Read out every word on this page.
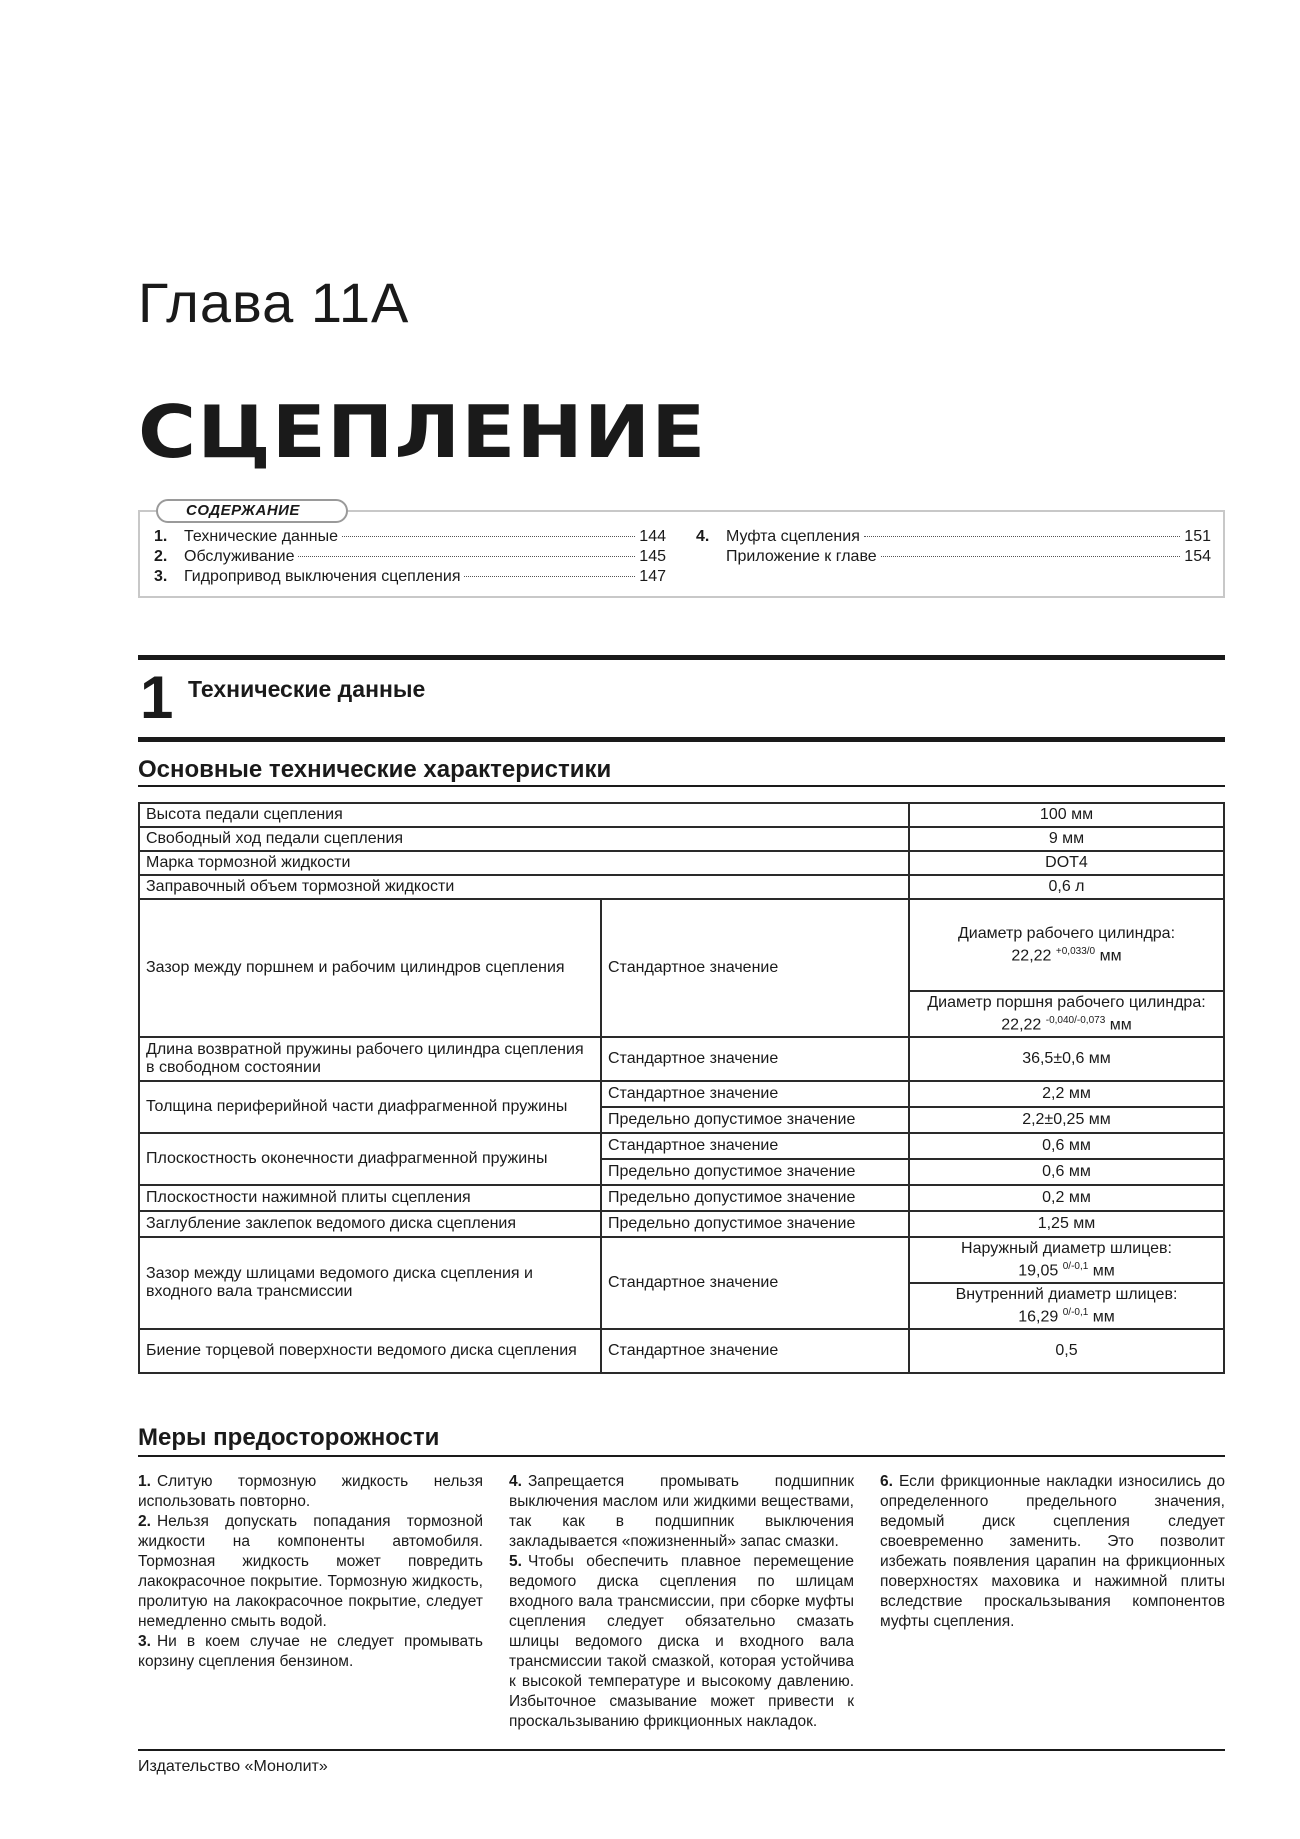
Глава 11А
СЦЕПЛЕНИЕ
СОДЕРЖАНИЕ
1.	Технические данные	144
2.	Обслуживание	145
3.	Гидропривод выключения сцепления	147
4.	Муфта сцепления	151
Приложение к главе	154
1 Технические данные
Основные технические характеристики
Высота педали сцепления		100 мм
Свободный ход педали сцепления		9 мм
Марка тормозной жидкости		DOT4
Заправочный объем тормозной жидкости		0,6 л
Зазор между поршнем и рабочим цилиндров сцепления	Стандартное значение	Диаметр рабочего цилиндра:
22,22 $^{+0,033/0}$ мм

		Диаметр поршня рабочего цилиндра:
22,22 $^{-0,040/-0,073}$ мм

Длина возвратной пружины рабочего цилиндра сцепления в свободном состоянии	Стандартное значение	36,5±0,6 мм
Толщина периферийной части диафрагменной пружины	Стандартное значение	2,2 мм
	Предельно допустимое значение	2,2±0,25 мм
Плоскостность оконечности диафрагменной пружины	Стандартное значение	0,6 мм
	Предельно допустимое значение	0,6 мм
Плоскостности нажимной плиты сцепления	Предельно допустимое значение	0,2 мм
Заглубление заклепок ведомого диска сцепления	Предельно допустимое значение	1,25 мм
Зазор между шлицами ведомого диска сцепления и входного вала трансмиссии	Стандартное значение	Наружный диаметр шлицев:
19,05 $^{0/-0,1}$ мм

		Внутренний диаметр шлицев:
16,29 $^{0/-0,1}$ мм

Биение торцевой поверхности ведомого диска сцепления	Стандартное значение	0,5
Меры предосторожности

1. Слитую тормозную жидкость нельзя использовать повторно.

2. Нельзя допускать попадания тормозной жидкости на компоненты автомобиля. Тормозная жидкость может повредить лакокрасочное покрытие. Тормозную жидкость, пролитую на лакокрасочное покрытие, следует немедленно смыть водой.

3. Ни в коем случае не следует промывать корзину сцепления бензином.

4. Запрещается промывать подшипник выключения маслом или жидкими веществами, так как в подшипник выключения закладывается «пожизненный» запас смазки.

5. Чтобы обеспечить плавное перемещение ведомого диска сцепления по шлицам входного вала трансмиссии, при сборке муфты сцепления следует обязательно смазать шлицы ведомого диска и входного вала трансмиссии такой смазкой, которая устойчива к высокой температуре и высокому давлению. Избыточное смазывание может привести к проскальзыванию фрикционных накладок.

6. Если фрикционные накладки износились до определенного предельного значения, ведомый диск сцепления следует своевременно заменить. Это позволит избежать появления царапин на фрикционных поверхностях маховика и нажимной плиты вследствие проскальзывания компонентов муфты сцепления.

Издательство «Монолит»
